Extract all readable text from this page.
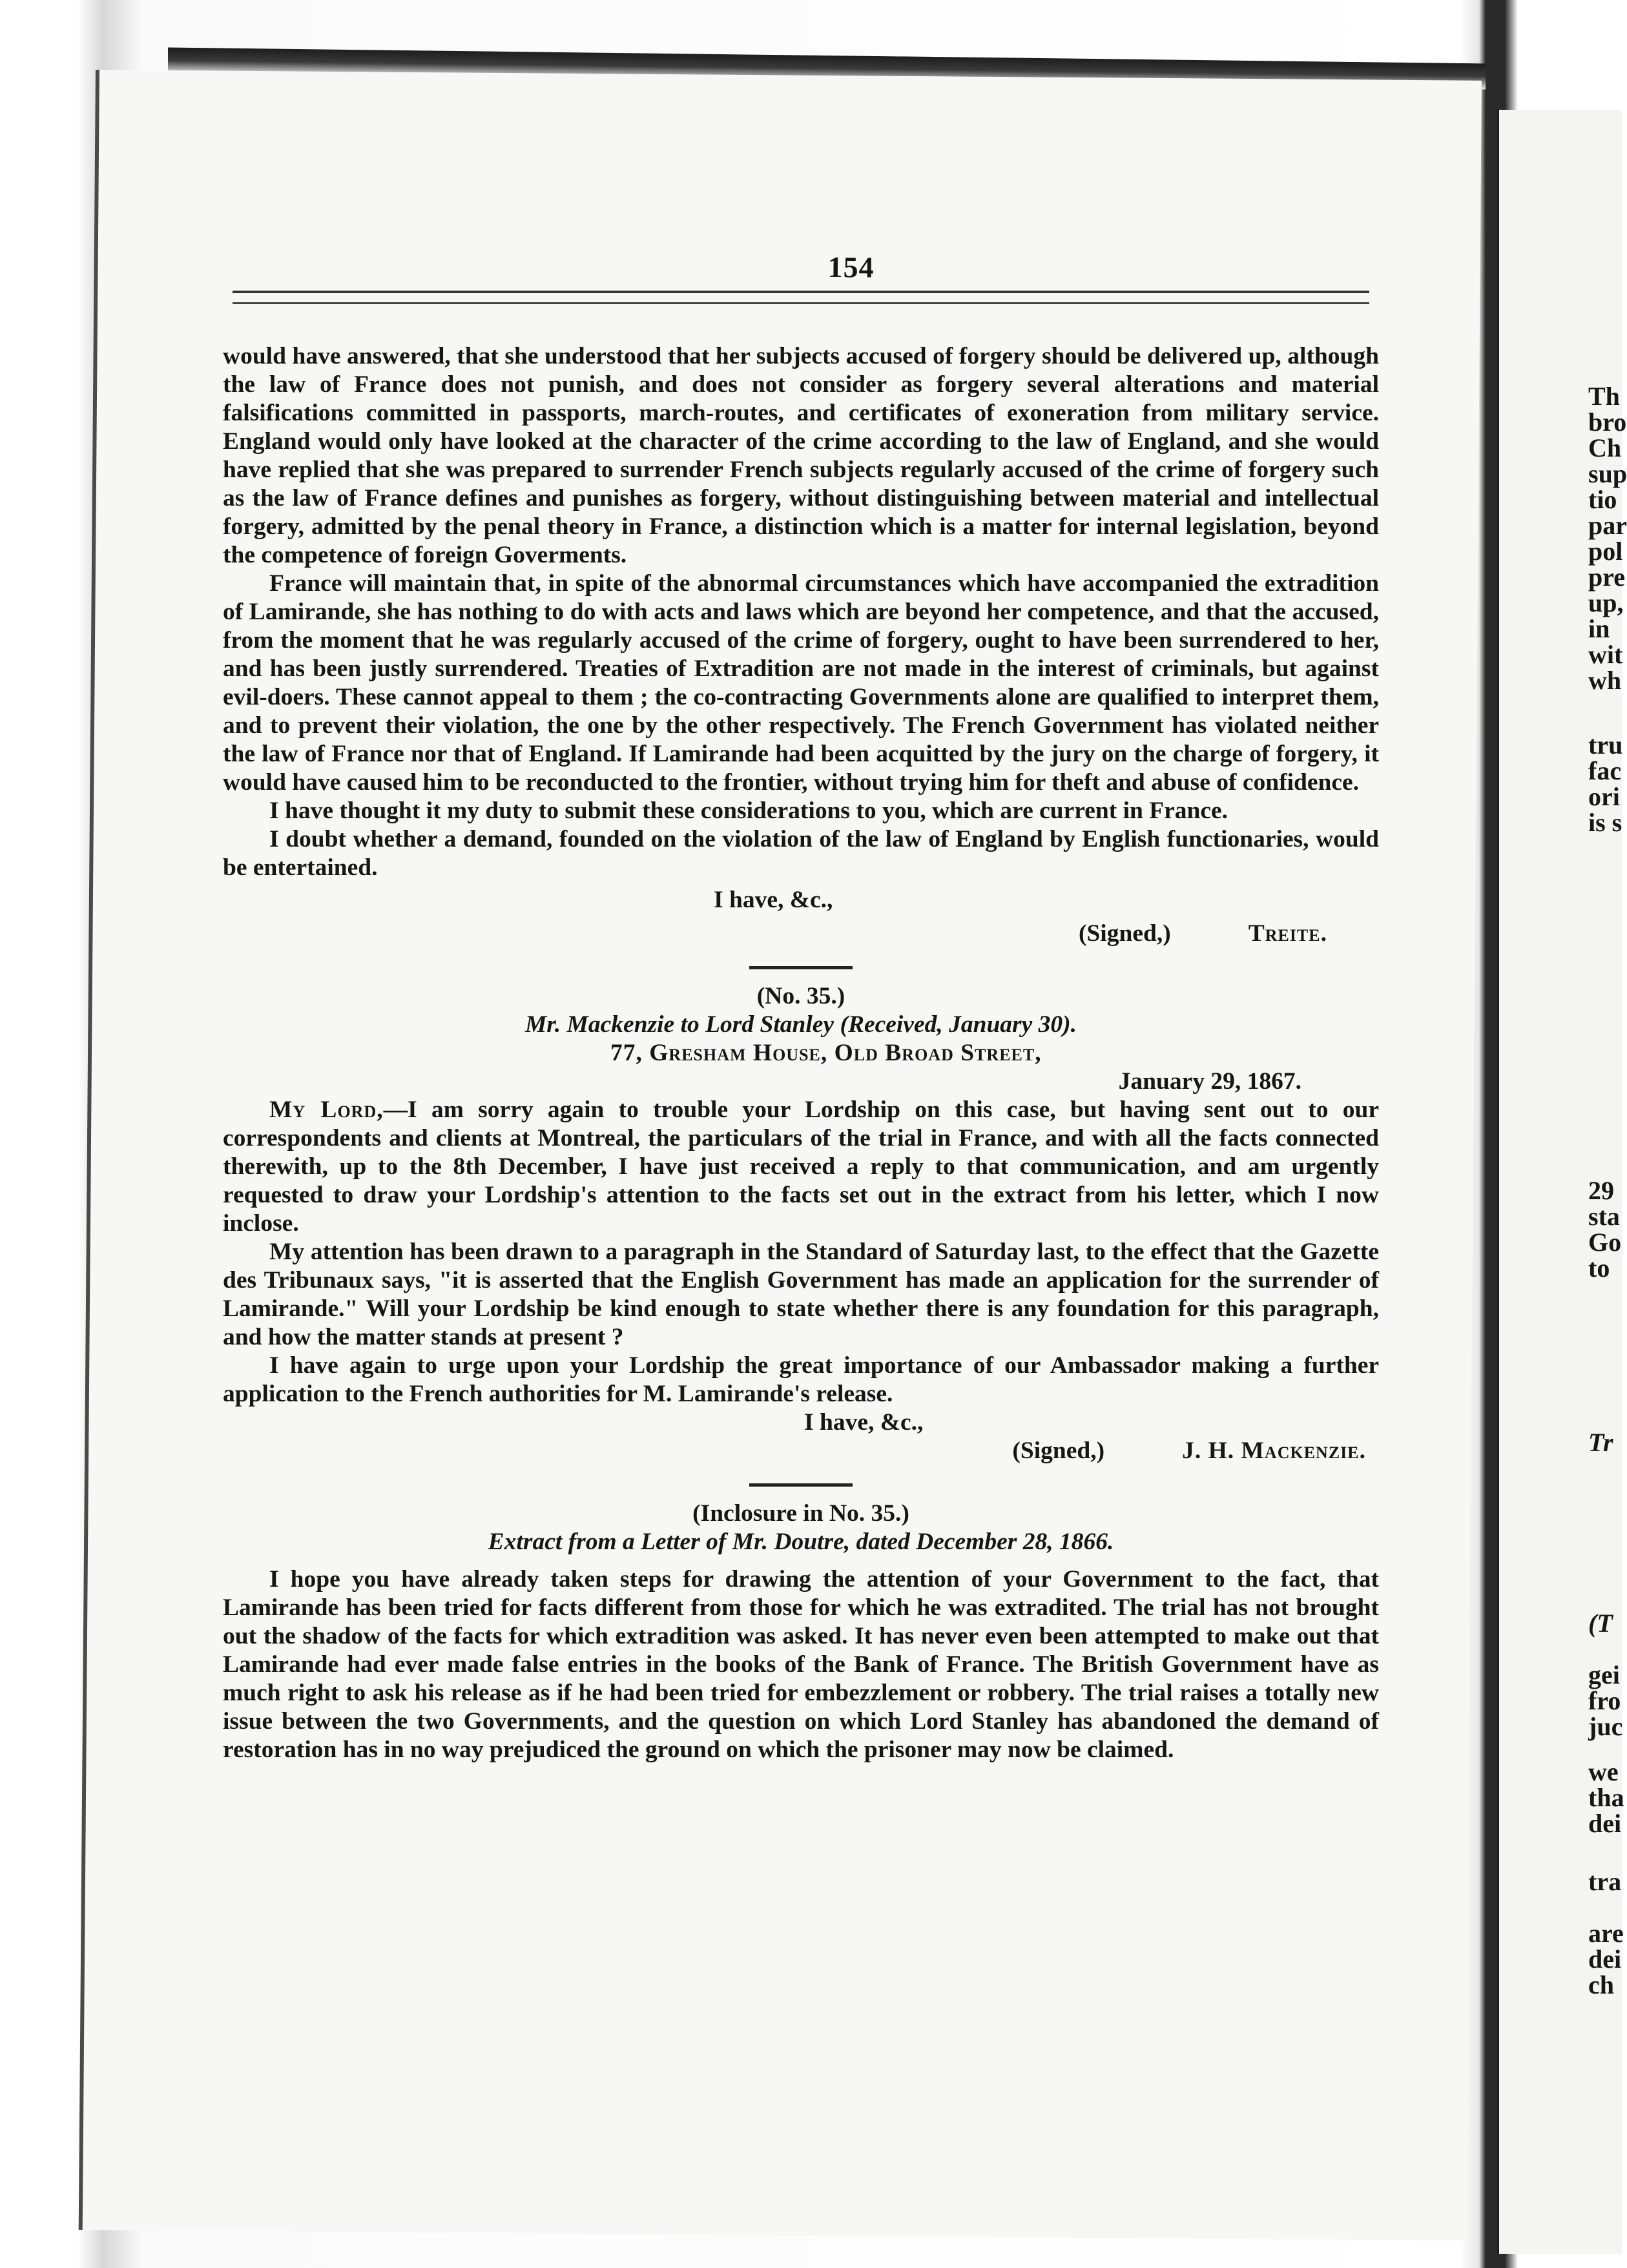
Th
bro
Ch
sup
tio
par
pol
pre
up,
in
wit
wh
tru
fac
ori
is s
29
sta
Go
to
Tr
(T
gei
fro
juc
we
tha
dei
tra
are
dei
ch
154

would have answered, that she understood that her subjects accused of forgery should be delivered up, although the law of France does not punish, and does not consider as forgery several alterations and material falsifications committed in passports, march-routes, and certificates of exoneration from military service. England would only have looked at the character of the crime according to the law of England, and she would have replied that she was prepared to surrender French subjects regularly accused of the crime of forgery such as the law of France defines and punishes as forgery, without distinguishing between material and intellectual forgery, admitted by the penal theory in France, a distinction which is a matter for internal legislation, beyond the competence of foreign Goverments.

France will maintain that, in spite of the abnormal circumstances which have accompanied the extradition of Lamirande, she has nothing to do with acts and laws which are beyond her competence, and that the accused, from the moment that he was regularly accused of the crime of forgery, ought to have been surrendered to her, and has been justly surrendered. Treaties of Extradition are not made in the interest of criminals, but against evil-doers. These cannot appeal to them ; the co-contracting Governments alone are qualified to interpret them, and to prevent their violation, the one by the other respectively. The French Government has violated neither the law of France nor that of England. If Lamirande had been acquitted by the jury on the charge of forgery, it would have caused him to be reconducted to the frontier, without trying him for theft and abuse of confidence.

I have thought it my duty to submit these considerations to you, which are current in France.

I doubt whether a demand, founded on the violation of the law of England by English functionaries, would be entertained.

I have, &c.,

(Signed,)	Treite.

(No. 35.)

Mr. Mackenzie to Lord Stanley (Received, January 30).

77, Gresham House, Old Broad Street,

January 29, 1867.

My Lord,—I am sorry again to trouble your Lordship on this case, but having sent out to our correspondents and clients at Montreal, the particulars of the trial in France, and with all the facts connected therewith, up to the 8th December, I have just received a reply to that communication, and am urgently requested to draw your Lordship's attention to the facts set out in the extract from his letter, which I now inclose.

My attention has been drawn to a paragraph in the Standard of Saturday last, to the effect that the Gazette des Tribunaux says, "it is asserted that the English Government has made an application for the surrender of Lamirande." Will your Lordship be kind enough to state whether there is any foundation for this paragraph, and how the matter stands at present ?

I have again to urge upon your Lordship the great importance of our Ambassador making a further application to the French authorities for M. Lamirande's release.

I have, &c.,

(Signed,)	J. H. Mackenzie.

(Inclosure in No. 35.)

Extract from a Letter of Mr. Doutre, dated December 28, 1866.

I hope you have already taken steps for drawing the attention of your Government to the fact, that Lamirande has been tried for facts different from those for which he was extradited. The trial has not brought out the shadow of the facts for which extradition was asked. It has never even been attempted to make out that Lamirande had ever made false entries in the books of the Bank of France. The British Government have as much right to ask his release as if he had been tried for embezzlement or robbery. The trial raises a totally new issue between the two Governments, and the question on which Lord Stanley has abandoned the demand of restoration has in no way prejudiced the ground on which the prisoner may now be claimed.
